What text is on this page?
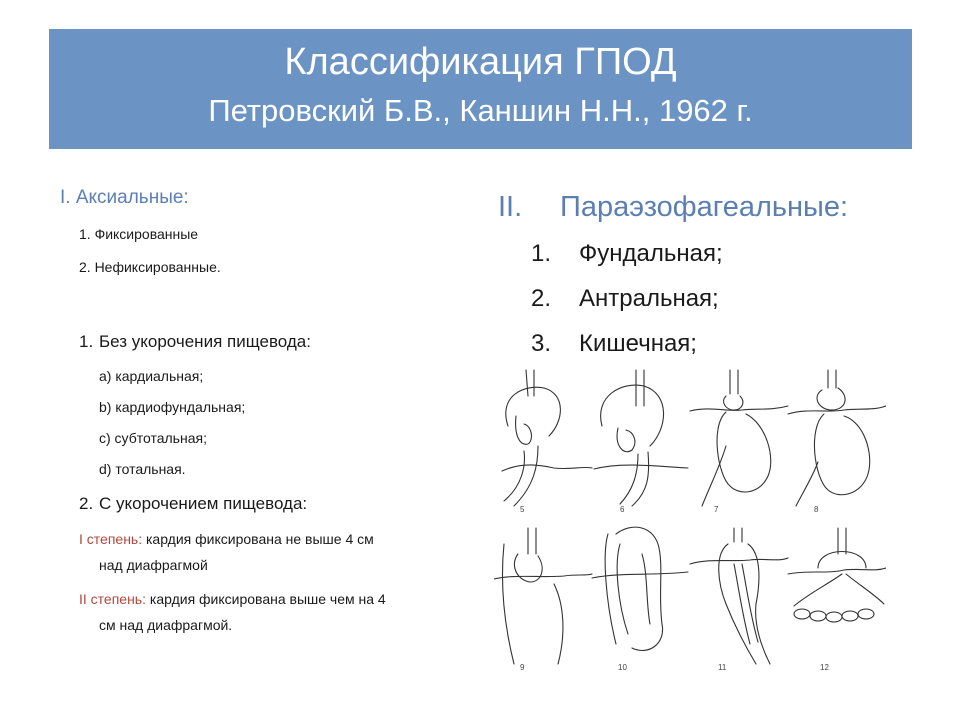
Классификация ГПОД
Петровский Б.В., Каншин Н.Н., 1962 г.
I. Аксиальные:
1. Фиксированные
2. Нефиксированные.
1. Без укорочения пищевода:
a) кардиальная;
b) кардиофундальная;
c) субтотальная;
d) тотальная.
2. С укорочением пищевода:
I степень: кардия фиксирована не выше 4 см
над диафрагмой
II степень: кардия фиксирована выше чем на 4
см над диафрагмой.
II. Параэзофагеальные:
1. Фундальная;
2. Антральная;
3. Кишечная;
5	6	7	8
9	10	11	12
